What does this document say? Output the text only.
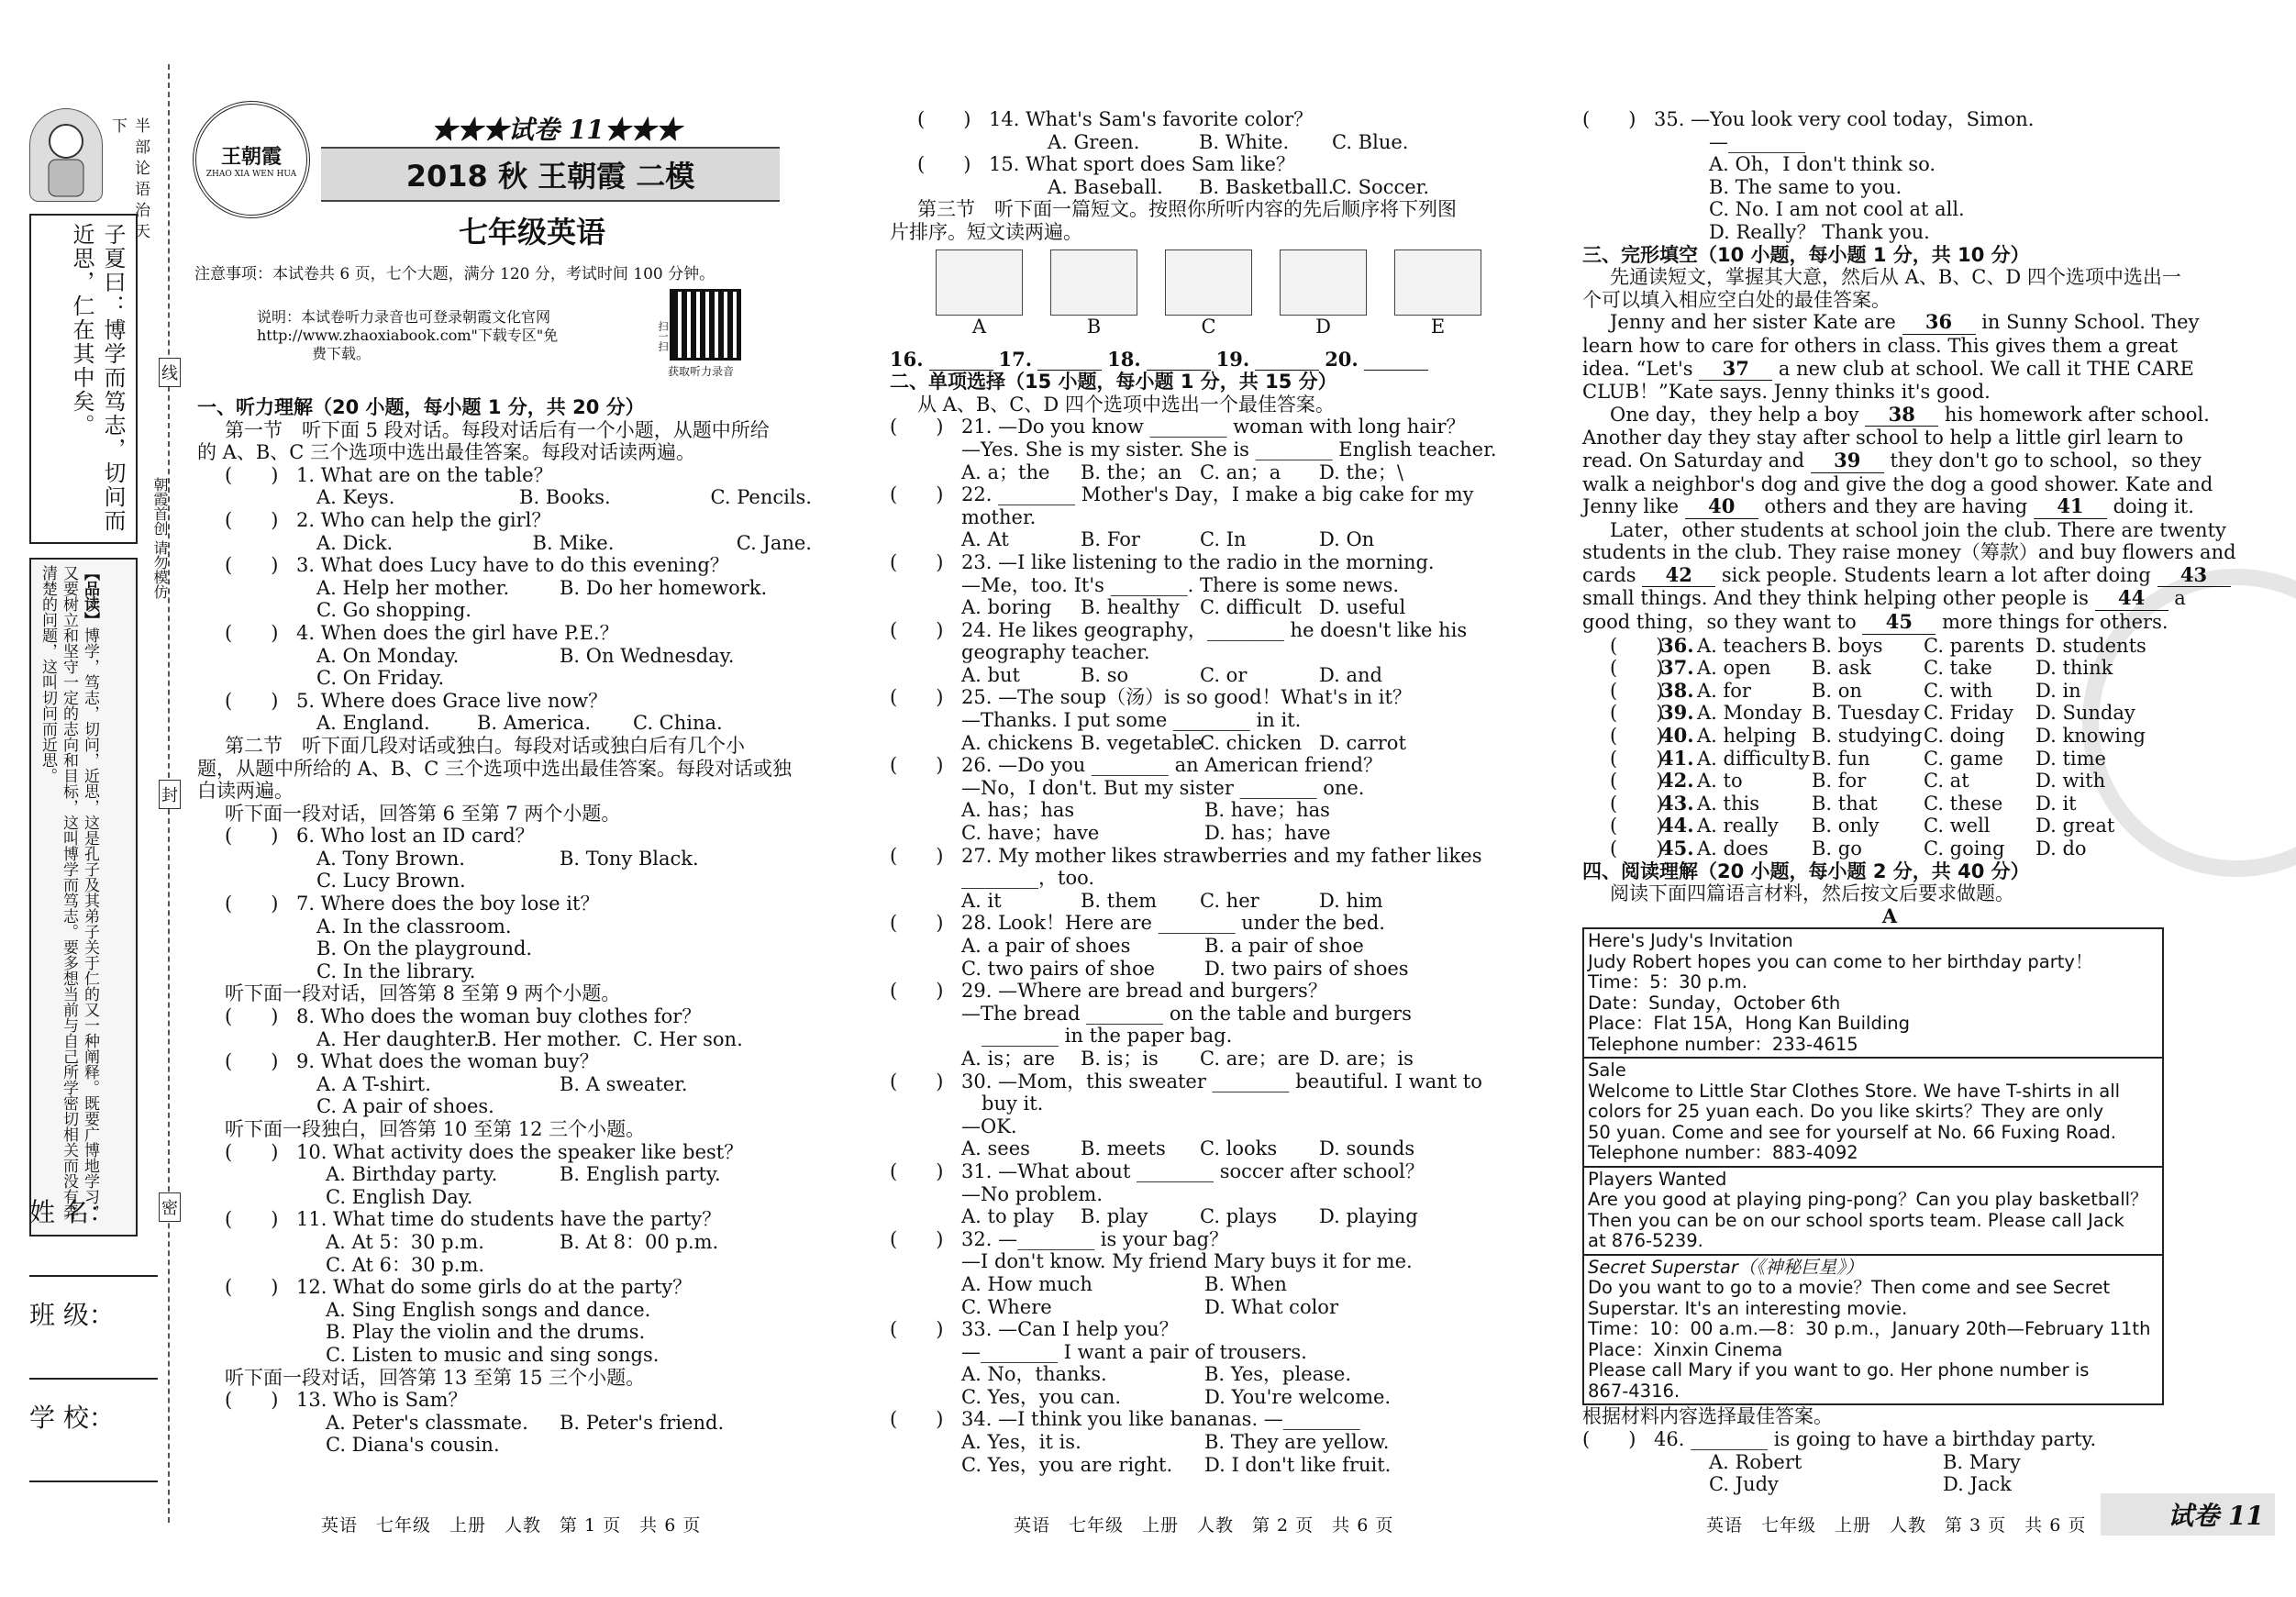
半部论语治天下
子夏曰：博学而笃志，切问而近思，仁在其中矣。
【品读】博学，笃志，切问，近思，这是孔子及其弟子关于仁的又一种阐释。既要广博地学习，又要树立和坚守一定的志向和目标，这叫博学而笃志。要多想当前与自己所学密切相关而没有弄清楚的问题，这叫切问而近思。
线
封
密
朝霞首创 请勿模仿
姓 名：
班 级：
学 校：
王朝霞
ZHAO XIA WEN HUA
★★★试卷 11★★★
2018 秋 王朝霞 二模
七年级英语
注意事项：本试卷共 6 页，七个大题，满分 120 分，考试时间 100 分钟。
说明：本试卷听力录音也可登录朝霞文化官网
http://www.zhaoxiabook.com"下载专区"免
费下载。
扫一扫
获取听力录音
一、听力理解（20 小题，每小题 1 分，共 20 分）
第一节　听下面 5 段对话。每段对话后有一个小题，从题中所给
的 A、B、C 三个选项中选出最佳答案。每段对话读两遍。
(　　) 1. What are on the table？
A. Keys.	B. Books.	C. Pencils.
(　　) 2. Who can help the girl？
A. Dick.	B. Mike.	C. Jane.
(　　) 3. What does Lucy have to do this evening？
A. Help her mother.	B. Do her homework.
C. Go shopping.
(　　) 4. When does the girl have P.E.？
A. On Monday.	B. On Wednesday.
C. On Friday.
(　　) 5. Where does Grace live now？
A. England.	B. America.	C. China.
第二节　听下面几段对话或独白。每段对话或独白后有几个小
题，从题中所给的 A、B、C 三个选项中选出最佳答案。每段对话或独
白读两遍。
听下面一段对话，回答第 6 至第 7 两个小题。
(　　) 6. Who lost an ID card？
A. Tony Brown.	B. Tony Black.
C. Lucy Brown.
(　　) 7. Where does the boy lose it？
A. In the classroom.
B. On the playground.
C. In the library.
听下面一段对话，回答第 8 至第 9 两个小题。
(　　) 8. Who does the woman buy clothes for？
A. Her daughter.
B. Her mother. C. Her son.
(　　) 9. What does the woman buy？
A. A T-shirt.	B. A sweater.
C. A pair of shoes.
听下面一段独白，回答第 10 至第 12 三个小题。
(　　) 10. What activity does the speaker like best？
A. Birthday party.	B. English party.
C. English Day.
(　　) 11. What time do students have the party？
A. At 5：30 p.m.	B. At 8：00 p.m.
C. At 6：30 p.m.
(　　) 12. What do some girls do at the party？
A. Sing English songs and dance.
B. Play the violin and the drums.
C. Listen to music and sing songs.
听下面一段对话，回答第 13 至第 15 三个小题。
(　　) 13. Who is Sam？
A. Peter's classmate.	B. Peter's friend.
C. Diana's cousin.
英语　七年级　上册　人教　第 1 页　共 6 页
(　　) 14. What's Sam's favorite color？
A. Green.	B. White.	C. Blue.
(　　) 15. What sport does Sam like？
A. Baseball.	B. Basketball.
C. Soccer.
第三节　听下面一篇短文。按照你所听内容的先后顺序将下列图
片排序。短文读两遍。
A	B	C	D	E
16.	17.	18.	19.	20.
二、单项选择（15 小题，每小题 1 分，共 15 分）
从 A、B、C、D 四个选项中选出一个最佳答案。
(　　) 21. —Do you know ________ woman with long hair？
—Yes. She is my sister. She is ________ English teacher.
A. a；the	B. the；an C. an；a	D. the；\
(　　) 22. ________ Mother's Day，I make a big cake for my
mother.
A. At	B. For	C. In	D. On
(　　) 23. —I like listening to the radio in the morning.
—Me，too. It's ________. There is some news.
A. boring	B. healthy	C. difficult D. useful
(　　) 24. He likes geography，________ he doesn't like his
geography teacher.
A. but	B. so	C. or	D. and
(　　) 25. —The soup（汤）is so good！What's in it？
—Thanks. I put some ________ in it.
A. chickens B. vegetable
C. chicken D. carrot
(　　) 26. —Do you ________ an American friend？
—No，I don't. But my sister ________ one.
A. has；has	B. have；has
C. have；have	D. has；have
(　　) 27. My mother likes strawberries and my father likes
________，too.
A. it	B. them	C. her	D. him
(　　) 28. Look！Here are ________ under the bed.
A. a pair of shoes	B. a pair of shoe
C. two pairs of shoe	D. two pairs of shoes
(　　) 29. —Where are bread and burgers？
—The bread ________ on the table and burgers
________ in the paper bag.
A. is；are	B. is；is	C. are；are D. are；is
(　　) 30. —Mom，this sweater ________ beautiful. I want to
buy it.
—OK.
A. sees	B. meets	C. looks	D. sounds
(　　) 31. —What about ________ soccer after school？
—No problem.
A. to play	B. play	C. plays	D. playing
(　　) 32. —________ is your bag？
—I don't know. My friend Mary buys it for me.
A. How much	B. When
C. Where	D. What color
(　　) 33. —Can I help you？
—________ I want a pair of trousers.
A. No，thanks.	B. Yes，please.
C. Yes，you can.	D. You're welcome.
(　　) 34. —I think you like bananas. —________
A. Yes，it is.	B. They are yellow.
C. Yes，you are right.	D. I don't like fruit.
英语　七年级　上册　人教　第 2 页　共 6 页
(　　) 35. —You look very cool today，Simon.
—________
A. Oh，I don't think so.
B. The same to you.
C. No. I am not cool at all.
D. Really？ Thank you.
三、完形填空（10 小题，每小题 1 分，共 10 分）
先通读短文，掌握其大意，然后从 A、B、C、D 四个选项中选出一
个可以填入相应空白处的最佳答案。
Jenny and her sister Kate are 36 in Sunny School. They
learn how to care for others in class. This gives them a great
idea. “Let's 37 a new club at school. We call it THE CARE
CLUB！”Kate says. Jenny thinks it's good.
One day，they help a boy 38 his homework after school.
Another day they stay after school to help a little girl learn to
read. On Saturday and 39 they don't go to school，so they
walk a neighbor's dog and give the dog a good shower. Kate and
Jenny like 40 others and they are having 41 doing it.
Later，other students at school join the club. There are twenty
students in the club. They raise money（筹款）and buy flowers and
cards 42 sick people. Students learn a lot after doing 43
small things. And they think helping other people is 44 a
good thing，so they want to 45 more things for others.
(　　)
36. A. teachers B. boys	C. parents D. students
(　　)
37. A. open	B. ask	C. take	D. think
(　　)
38. A. for	B. on	C. with	D. in
(　　)
39. A. Monday B. Tuesday C. Friday	D. Sunday
(　　)
40. A. helping B. studying C. doing	D. knowing
(　　)
41. A. difficulty B. fun	C. game	D. time
(　　)
42. A. to	B. for	C. at	D. with
(　　)
43. A. this	B. that	C. these	D. it
(　　)
44. A. really	B. only	C. well	D. great
(　　)
45. A. does	B. go	C. going	D. do
四、阅读理解（20 小题，每小题 2 分，共 40 分）
阅读下面四篇语言材料，然后按文后要求做题。
A
Here's Judy's Invitation
Judy Robert hopes you can come to her birthday party！
Time：5：30 p.m.
Date：Sunday，October 6th
Place：Flat 15A，Hong Kan Building
Telephone number：233-4615
Sale
Welcome to Little Star Clothes Store. We have T-shirts in all
colors for 25 yuan each. Do you like skirts？They are only
50 yuan. Come and see for yourself at No. 66 Fuxing Road.
Telephone number：883-4092
Players Wanted
Are you good at playing ping-pong？Can you play basketball？
Then you can be on our school sports team. Please call Jack
at 876-5239.
Secret Superstar（《神秘巨星》）
Do you want to go to a movie？Then come and see Secret
Superstar. It's an interesting movie.
Time：10：00 a.m.—8：30 p.m.，January 20th—February 11th
Place：Xinxin Cinema
Please call Mary if you want to go. Her phone number is
867-4316.
根据材料内容选择最佳答案。
(　　) 46. ________ is going to have a birthday party.
A. Robert	B. Mary
C. Judy	D. Jack
英语　七年级　上册　人教　第 3 页　共 6 页	试卷 11
